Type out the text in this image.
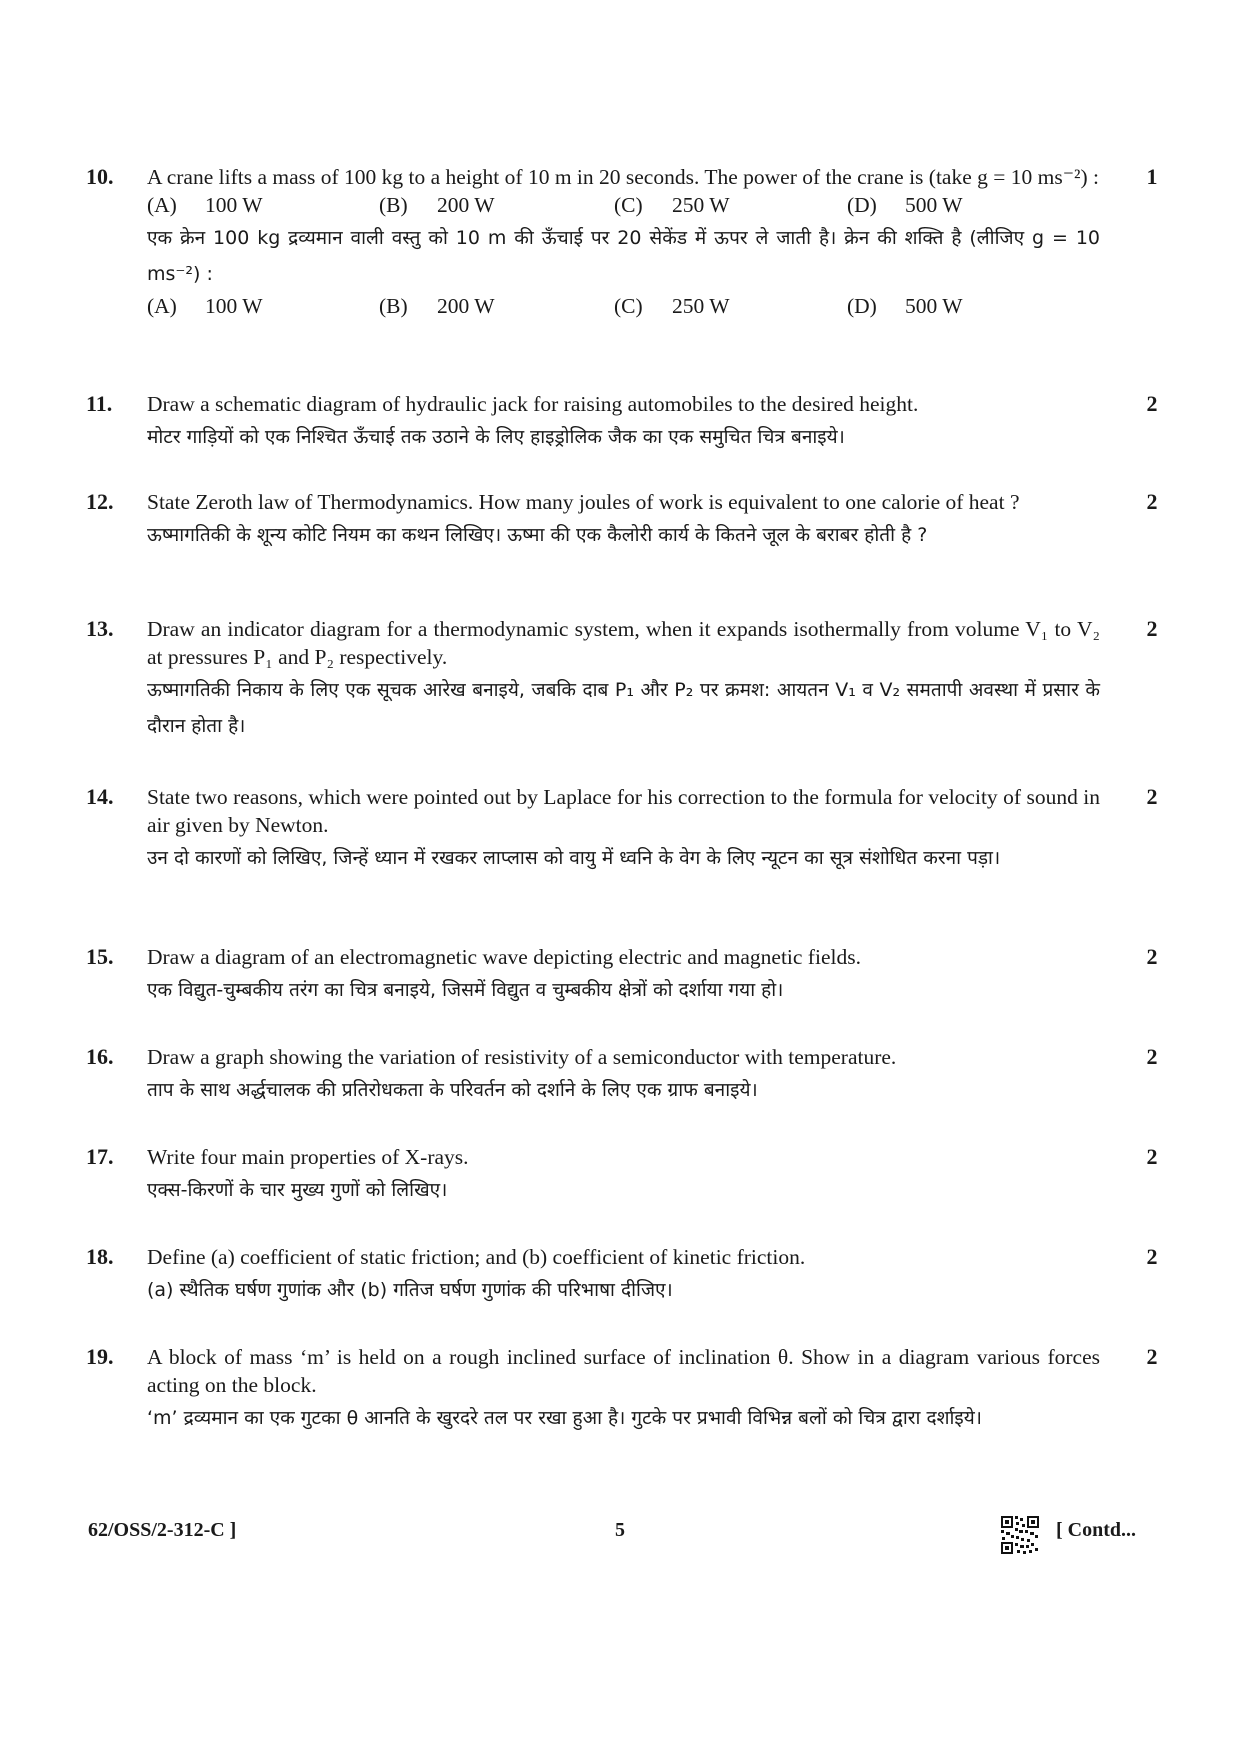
10. A crane lifts a mass of 100 kg to a height of 10 m in 20 seconds. The power of the crane is (take g = 10 ms⁻²) :
(A) 100 W	(B) 200 W	(C) 250 W	(D) 500 W
एक क्रेन 100 kg द्रव्यमान वाली वस्तु को 10 m की ऊँचाई पर 20 सेकेंड में ऊपर ले जाती है। क्रेन की शक्ति है (लीजिए g = 10 ms⁻²) :
(A) 100 W	(B) 200 W	(C) 250 W	(D) 500 W
1
11. Draw a schematic diagram of hydraulic jack for raising automobiles to the desired height.
मोटर गाड़ियों को एक निश्चित ऊँचाई तक उठाने के लिए हाइड्रोलिक जैक का एक समुचित चित्र बनाइये।
2
12. State Zeroth law of Thermodynamics. How many joules of work is equivalent to one calorie of heat ?
ऊष्मागतिकी के शून्य कोटि नियम का कथन लिखिए। ऊष्मा की एक कैलोरी कार्य के कितने जूल के बराबर होती है ?
2
13. Draw an indicator diagram for a thermodynamic system, when it expands isothermally from volume V₁ to V₂ at pressures P₁ and P₂ respectively.
ऊष्मागतिकी निकाय के लिए एक सूचक आरेख बनाइये, जबकि दाब P₁ और P₂ पर क्रमश: आयतन V₁ व V₂ समतापी अवस्था में प्रसार के दौरान होता है।
2
14. State two reasons, which were pointed out by Laplace for his correction to the formula for velocity of sound in air given by Newton.
उन दो कारणों को लिखिए, जिन्हें ध्यान में रखकर लाप्लास को वायु में ध्वनि के वेग के लिए न्यूटन का सूत्र संशोधित करना पड़ा।
2
15. Draw a diagram of an electromagnetic wave depicting electric and magnetic fields.
एक विद्युत-चुम्बकीय तरंग का चित्र बनाइये, जिसमें विद्युत व चुम्बकीय क्षेत्रों को दर्शाया गया हो।
2
16. Draw a graph showing the variation of resistivity of a semiconductor with temperature.
ताप के साथ अर्द्धचालक की प्रतिरोधकता के परिवर्तन को दर्शाने के लिए एक ग्राफ बनाइये।
2
17. Write four main properties of X-rays.
एक्स-किरणों के चार मुख्य गुणों को लिखिए।
2
18. Define (a) coefficient of static friction; and (b) coefficient of kinetic friction.
(a) स्थैतिक घर्षण गुणांक और (b) गतिज घर्षण गुणांक की परिभाषा दीजिए।
2
19. A block of mass ‘m’ is held on a rough inclined surface of inclination θ. Show in a diagram various forces acting on the block.
‘m’ द्रव्यमान का एक गुटका θ आनति के खुरदरे तल पर रखा हुआ है। गुटके पर प्रभावी विभिन्न बलों को चित्र द्वारा दर्शाइये।
2
62/OSS/2-312-C ]	5	[ Contd...
